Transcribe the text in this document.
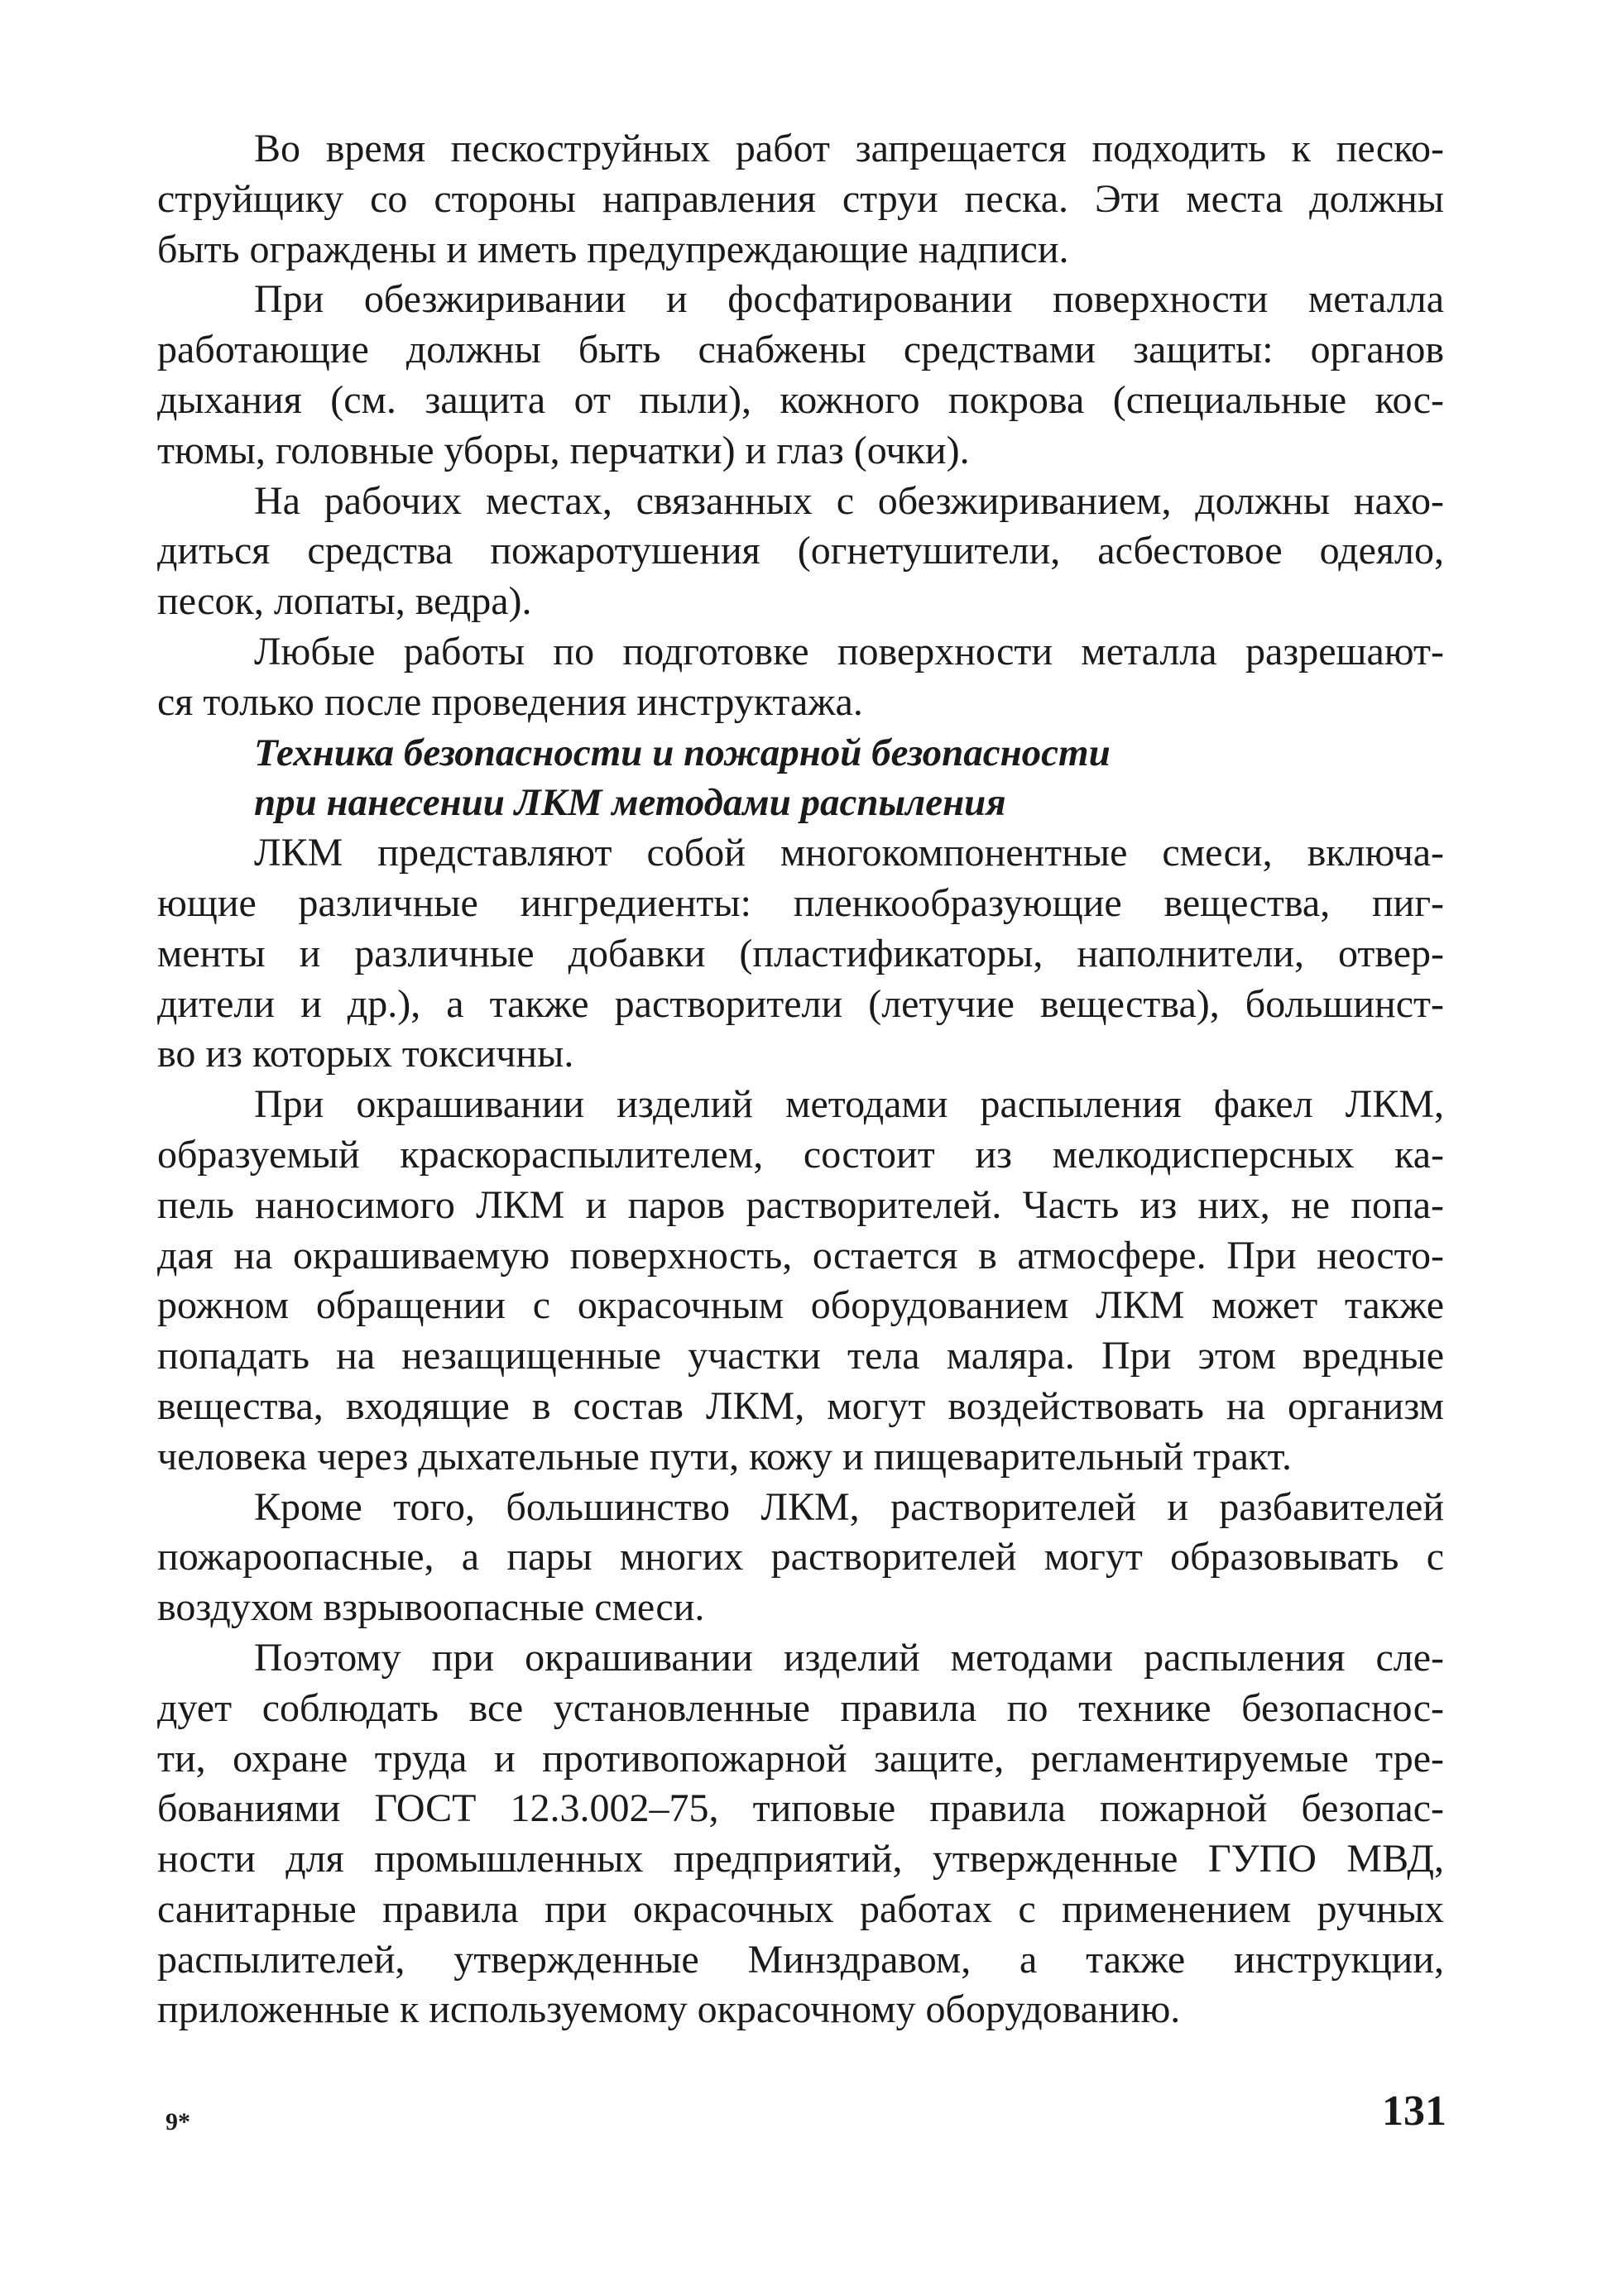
Во время пескоструйных работ запрещается подходить к песко-
струйщику со стороны направления струи песка. Эти места должны
быть ограждены и иметь предупреждающие надписи.

При обезжиривании и фосфатировании поверхности металла
работающие должны быть снабжены средствами защиты: органов
дыхания (см. защита от пыли), кожного покрова (специальные кос-
тюмы, головные уборы, перчатки) и глаз (очки).

На рабочих местах, связанных с обезжириванием, должны нахо-
диться средства пожаротушения (огнетушители, асбестовое одеяло,
песок, лопаты, ведра).

Любые работы по подготовке поверхности металла разрешают-
ся только после проведения инструктажа.

Техника безопасности и пожарной безопасности
при нанесении ЛКМ методами распыления

ЛКМ представляют собой многокомпонентные смеси, включа-
ющие различные ингредиенты: пленкообразующие вещества, пиг-
менты и различные добавки (пластификаторы, наполнители, отвер-
дители и др.), а также растворители (летучие вещества), большинст-
во из которых токсичны.

При окрашивании изделий методами распыления факел ЛКМ,
образуемый краскораспылителем, состоит из мелкодисперсных ка-
пель наносимого ЛКМ и паров растворителей. Часть из них, не попа-
дая на окрашиваемую поверхность, остается в атмосфере. При неосто-
рожном обращении с окрасочным оборудованием ЛКМ может также
попадать на незащищенные участки тела маляра. При этом вредные
вещества, входящие в состав ЛКМ, могут воздействовать на организм
человека через дыхательные пути, кожу и пищеварительный тракт.

Кроме того, большинство ЛКМ, растворителей и разбавителей
пожароопасные, а пары многих растворителей могут образовывать с
воздухом взрывоопасные смеси.

Поэтому при окрашивании изделий методами распыления сле-
дует соблюдать все установленные правила по технике безопаснос-
ти, охране труда и противопожарной защите, регламентируемые тре-
бованиями ГОСТ 12.3.002–75, типовые правила пожарной безопас-
ности для промышленных предприятий, утвержденные ГУПО МВД,
санитарные правила при окрасочных работах с применением ручных
распылителей, утвержденные Минздравом, а также инструкции,
приложенные к используемому окрасочному оборудованию.

9*	131
